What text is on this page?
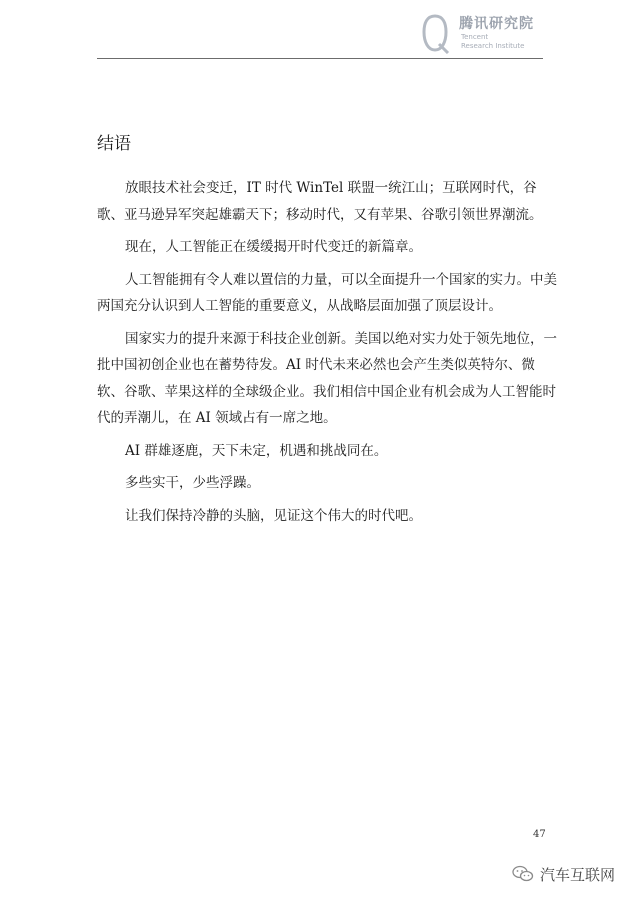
腾讯研究院
Tencent
Research Institute
结语

放眼技术社会变迁，IT 时代 WinTel 联盟一统江山；互联网时代，谷歌、亚马逊异军突起雄霸天下；移动时代，又有苹果、谷歌引领世界潮流。

现在，人工智能正在缓缓揭开时代变迁的新篇章。

人工智能拥有令人难以置信的力量，可以全面提升一个国家的实力。中美两国充分认识到人工智能的重要意义，从战略层面加强了顶层设计。

国家实力的提升来源于科技企业创新。美国以绝对实力处于领先地位，一批中国初创企业也在蓄势待发。AI 时代未来必然也会产生类似英特尔、微软、谷歌、苹果这样的全球级企业。我们相信中国企业有机会成为人工智能时代的弄潮儿，在 AI 领域占有一席之地。

AI 群雄逐鹿，天下未定，机遇和挑战同在。

多些实干，少些浮躁。

让我们保持冷静的头脑，见证这个伟大的时代吧。

47
汽车互联网
